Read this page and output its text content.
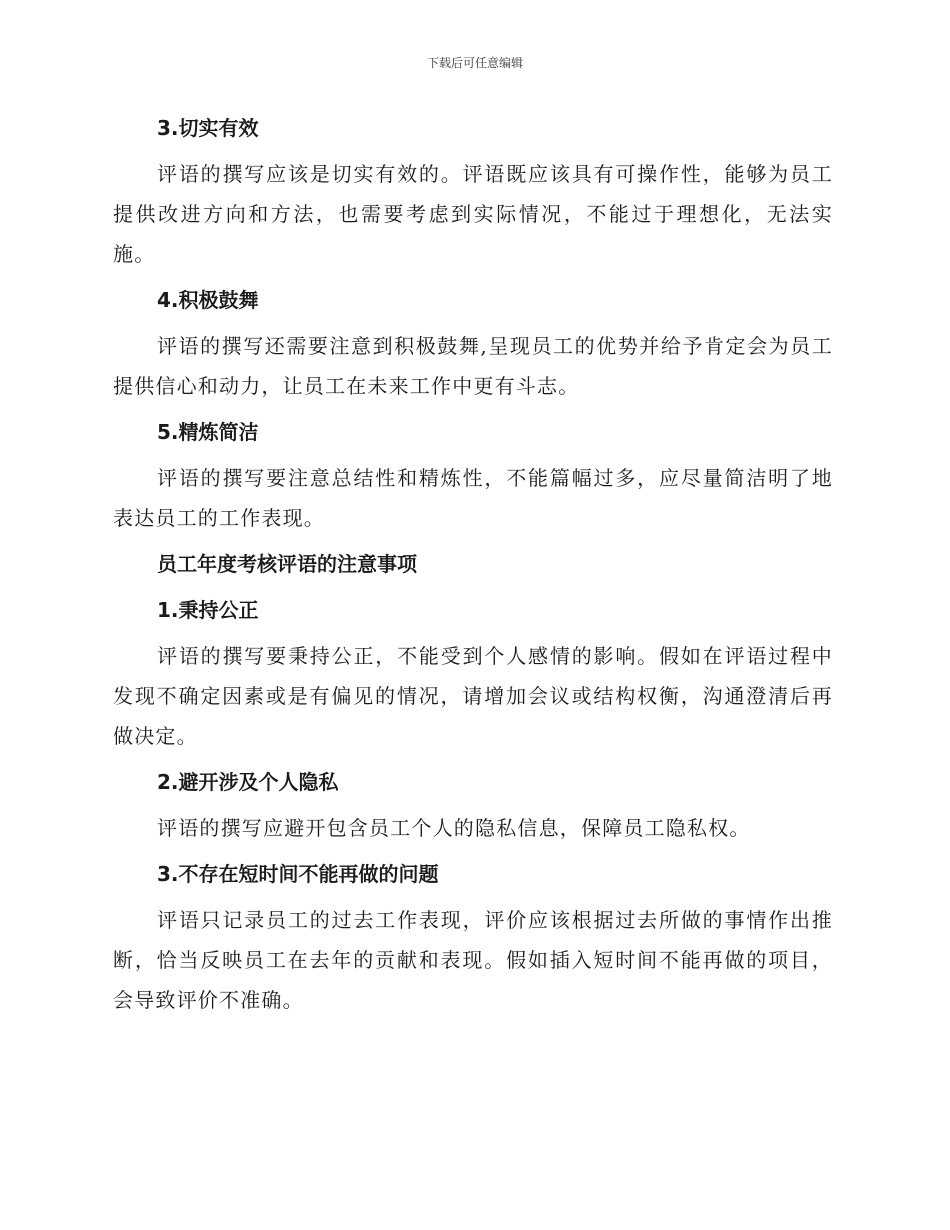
下载后可任意编辑
3.切实有效

评语的撰写应该是切实有效的。评语既应该具有可操作性，能够为员工提供改进方向和方法，也需要考虑到实际情况，不能过于理想化，无法实施。

4.积极鼓舞

评语的撰写还需要注意到积极鼓舞,呈现员工的优势并给予肯定会为员工提供信心和动力，让员工在未来工作中更有斗志。

5.精炼简洁

评语的撰写要注意总结性和精炼性，不能篇幅过多，应尽量简洁明了地表达员工的工作表现。

员工年度考核评语的注意事项
1.秉持公正

评语的撰写要秉持公正，不能受到个人感情的影响。假如在评语过程中发现不确定因素或是有偏见的情况，请增加会议或结构权衡，沟通澄清后再做决定。

2.避开涉及个人隐私

评语的撰写应避开包含员工个人的隐私信息，保障员工隐私权。

3.不存在短时间不能再做的问题

评语只记录员工的过去工作表现，评价应该根据过去所做的事情作出推断，恰当反映员工在去年的贡献和表现。假如插入短时间不能再做的项目，会导致评价不准确。
